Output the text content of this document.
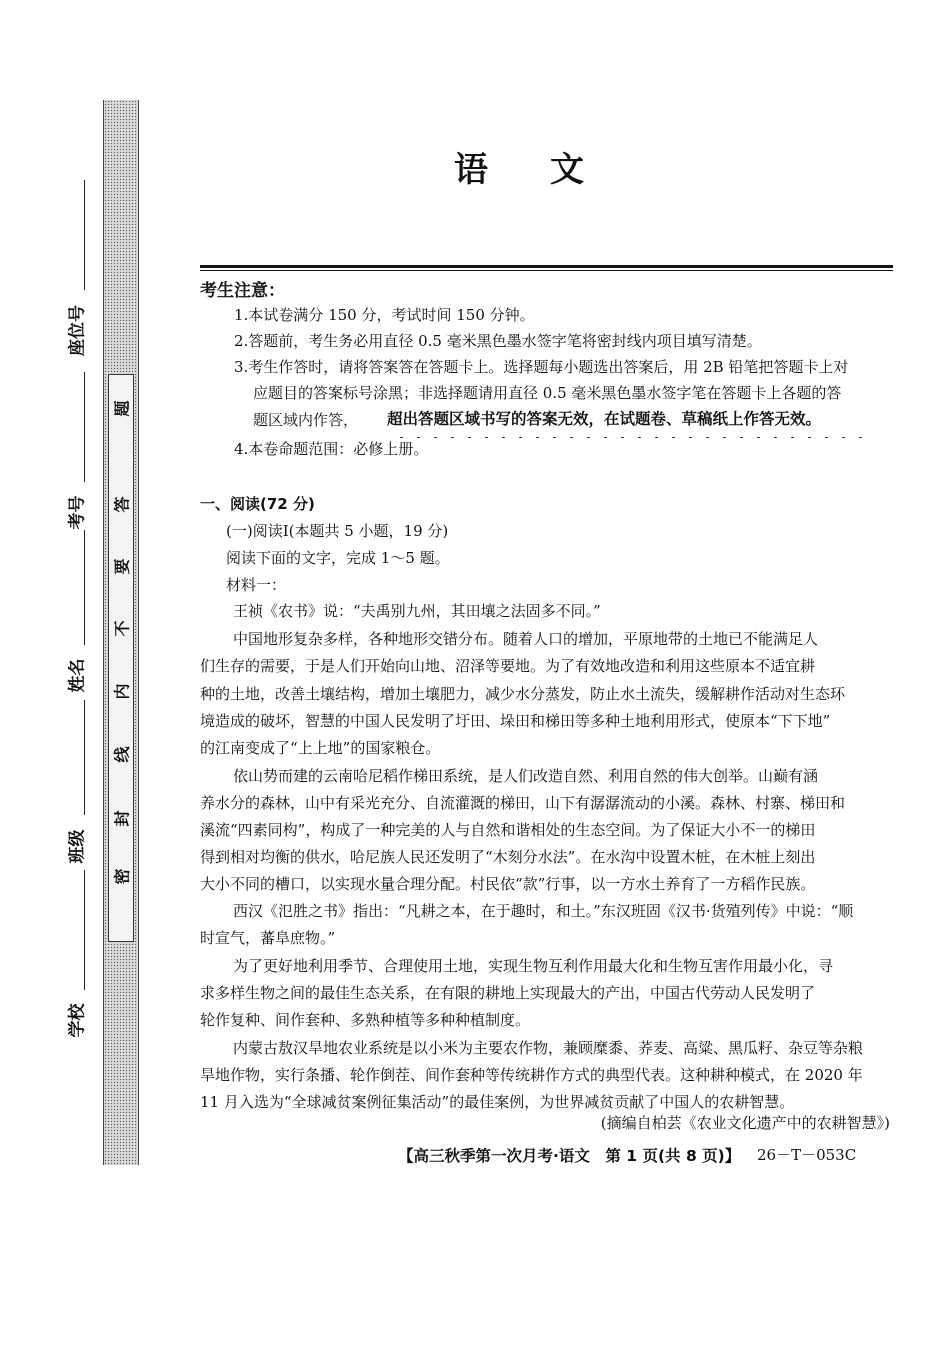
密
封
线
内
不
要
答
题
座位号
考号
姓名
班级
学校
语文
考生注意：
1.本试卷满分 150 分，考试时间 150 分钟。
2.答题前，考生务必用直径 0.5 毫米黑色墨水签字笔将密封线内项目填写清楚。
3.考生作答时，请将答案答在答题卡上。选择题每小题选出答案后，用 2B 铅笔把答题卡上对
应题目的答案标号涂黑；非选择题请用直径 0.5 毫米黑色墨水签字笔在答题卡上各题的答
题区域内作答， 超出答题区域书写的答案无效，在试题卷、草稿纸上作答无效。
4.本卷命题范围：必修上册。
一、阅读(72 分)
(一)阅读Ⅰ(本题共 5 小题，19 分)
阅读下面的文字，完成 1～5 题。
材料一：
王祯《农书》说：“夫禹别九州，其田壤之法固多不同。”
中国地形复杂多样，各种地形交错分布。随着人口的增加，平原地带的土地已不能满足人
们生存的需要，于是人们开始向山地、沼泽等要地。为了有效地改造和利用这些原本不适宜耕
种的土地，改善土壤结构，增加土壤肥力，减少水分蒸发，防止水土流失，缓解耕作活动对生态环
境造成的破坏，智慧的中国人民发明了圩田、垛田和梯田等多种土地利用形式，使原本“下下地”
的江南变成了“上上地”的国家粮仓。
依山势而建的云南哈尼稻作梯田系统，是人们改造自然、利用自然的伟大创举。山巅有涵
养水分的森林，山中有采光充分、自流灌溉的梯田，山下有潺潺流动的小溪。森林、村寨、梯田和
溪流“四素同构”，构成了一种完美的人与自然和谐相处的生态空间。为了保证大小不一的梯田
得到相对均衡的供水，哈尼族人民还发明了“木刻分水法”。在水沟中设置木桩，在木桩上刻出
大小不同的槽口，以实现水量合理分配。村民依“款”行事，以一方水土养育了一方稻作民族。
西汉《氾胜之书》指出：“凡耕之本，在于趣时，和土。”东汉班固《汉书·货殖列传》中说：“顺
时宣气，蕃阜庶物。”
为了更好地利用季节、合理使用土地，实现生物互利作用最大化和生物互害作用最小化，寻
求多样生物之间的最佳生态关系，在有限的耕地上实现最大的产出，中国古代劳动人民发明了
轮作复种、间作套种、多熟种植等多种种植制度。
内蒙古敖汉旱地农业系统是以小米为主要农作物，兼顾糜黍、荞麦、高粱、黑瓜籽、杂豆等杂粮
旱地作物，实行条播、轮作倒茬、间作套种等传统耕作方式的典型代表。这种耕种模式，在 2020 年
11 月入选为“全球减贫案例征集活动”的最佳案例，为世界减贫贡献了中国人的农耕智慧。
(摘编自柏芸《农业文化遗产中的农耕智慧》)
【高三秋季第一次月考·语文　第 1 页(共 8 页)】 26－T－053C
